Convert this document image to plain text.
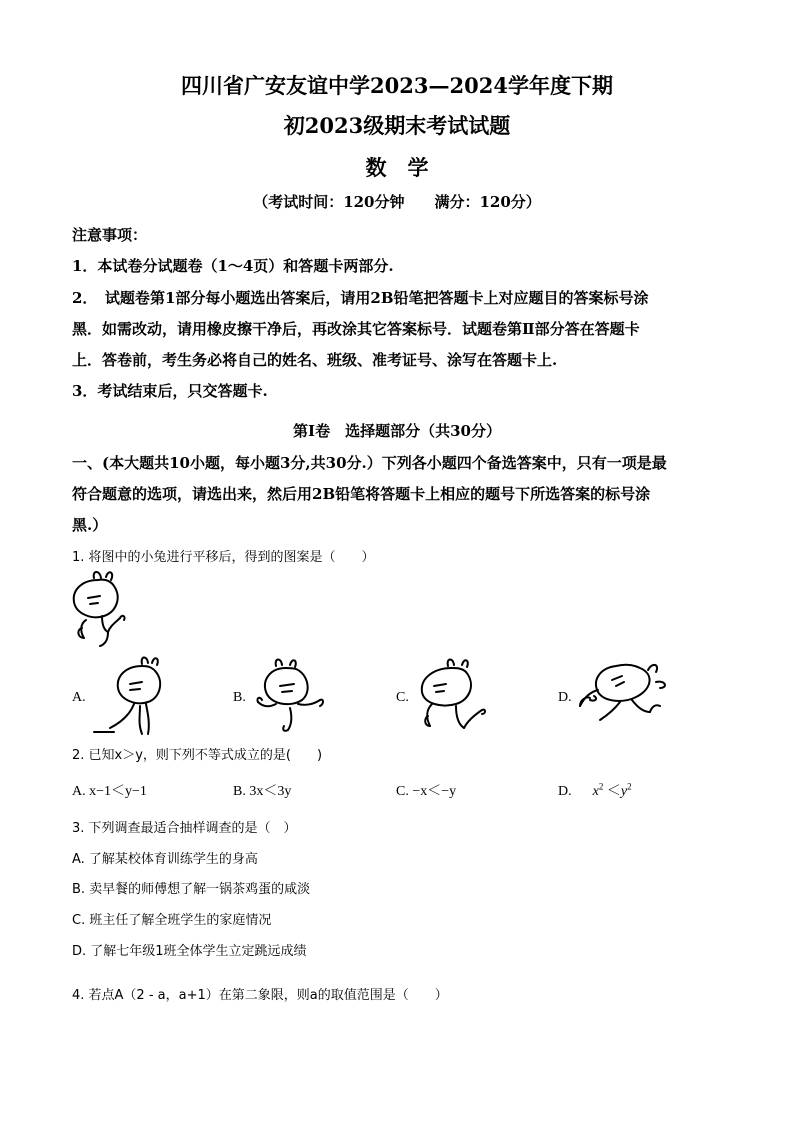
四川省广安友谊中学2023—2024学年度下期
初2023级期末考试试题
数　学
（考试时间：120分钟　　满分：120分）
注意事项：
1．本试卷分试题卷（1～4页）和答题卡两部分.
2．　试题卷第1部分每小题选出答案后，请用2B铅笔把答题卡上对应题目的答案标号涂
黑．如需改动，请用橡皮擦干净后，再改涂其它答案标号．试题卷第Ⅱ部分答在答题卡
上．答卷前，考生务必将自己的姓名、班级、准考证号、涂写在答题卡上.
3．考试结束后，只交答题卡.
第Ⅰ卷　选择题部分（共30分）
一、(本大题共10小题，每小题3分,共30分.）下列各小题四个备选答案中，只有一项是最
符合题意的选项，请选出来，然后用2B铅笔将答题卡上相应的题号下所选答案的标号涂
黑.）
1. 将图中的小兔进行平移后，得到的图案是（　　）
A.	B.	C.	D.
2. 已知x＞y，则下列不等式成立的是(　　)
A. x−1＜y−1	B. 3x＜3y	C. −x＜−y	D. $x^2 <y^2$
3. 下列调查最适合抽样调查的是（　）
A. 了解某校体育训练学生的身高
B. 卖早餐的师傅想了解一锅茶鸡蛋的咸淡
C. 班主任了解全班学生的家庭情况
D. 了解七年级1班全体学生立定跳远成绩
4. 若点A（2 - a，a+1）在第二象限，则a的取值范围是（　　）
